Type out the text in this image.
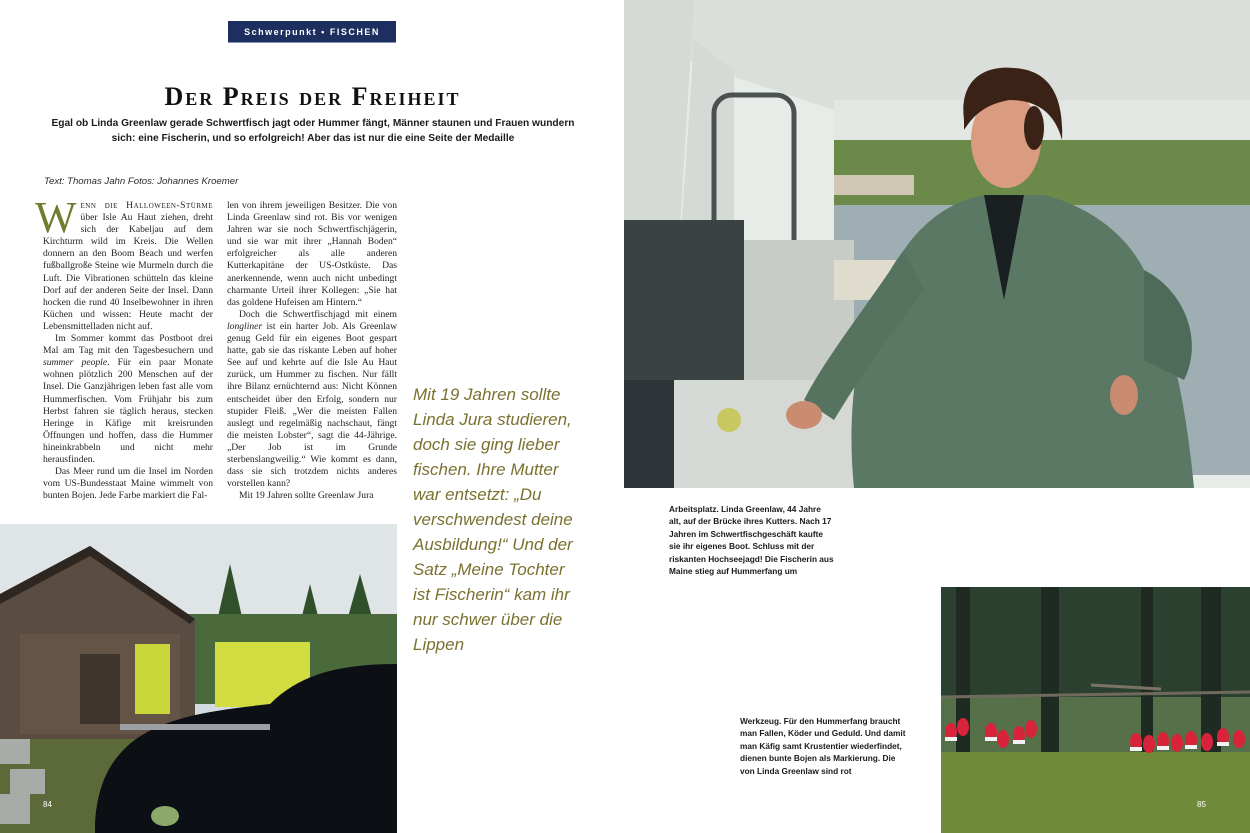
Schwerpunkt • FISCHEN
Der Preis der Freiheit

Egal ob Linda Greenlaw gerade Schwertfisch jagt oder Hummer fängt, Männer staunen und Frauen wundern sich: eine Fischerin, und so erfolgreich! Aber das ist nur die eine Seite der Medaille

Text: Thomas Jahn Fotos: Johannes Kroemer

Wenn die Halloween-Stürme über Isle Au Haut ziehen, dreht sich der Kabeljau auf dem Kirchturm wild im Kreis. Die Wellen donnern an den Boom Beach und werfen fußballgroße Steine wie Murmeln durch die Luft. Die Vibrationen schütteln das kleine Dorf auf der anderen Seite der Insel. Dann hocken die rund 40 Inselbewohner in ihren Küchen und wissen: Heute macht der Lebensmittelladen nicht auf.

Im Sommer kommt das Postboot drei Mal am Tag mit den Tagesbesuchern und summer people. Für ein paar Monate wohnen plötzlich 200 Menschen auf der Insel. Die Ganzjährigen leben fast alle vom Hummerfischen. Vom Frühjahr bis zum Herbst fahren sie täglich heraus, stecken Heringe in Käfige mit kreisrunden Öffnungen und hoffen, dass die Hummer hineinkrabbeln und nicht mehr herausfinden.

Das Meer rund um die Insel im Norden vom US-Bundesstaat Maine wimmelt von bunten Bojen. Jede Farbe markiert die Fal-

len von ihrem jeweiligen Besitzer. Die von Linda Greenlaw sind rot. Bis vor wenigen Jahren war sie noch Schwertfischjägerin, und sie war mit ihrer „Hannah Boden“ erfolgreicher als alle anderen Kutterkapitäne der US-Ostküste. Das anerkennende, wenn auch nicht unbedingt charmante Urteil ihrer Kollegen: „Sie hat das goldene Hufeisen am Hintern.“

Doch die Schwertfischjagd mit einem longliner ist ein harter Job. Als Greenlaw genug Geld für ein eigenes Boot gespart hatte, gab sie das riskante Leben auf hoher See auf und kehrte auf die Isle Au Haut zurück, um Hummer zu fischen. Nur fällt ihre Bilanz ernüchternd aus: Nicht Können entscheidet über den Erfolg, sondern nur stupider Fleiß. „Wer die meisten Fallen auslegt und regelmäßig nachschaut, fängt die meisten Lobster“, sagt die 44-Jährige. „Der Job ist im Grunde sterbenslangweilig.“ Wie kommt es dann, dass sie sich trotzdem nichts anderes vorstellen kann?

Mit 19 Jahren sollte Greenlaw Jura

Mit 19 Jahren sollte Linda Jura studieren, doch sie ging lieber fischen. Ihre Mutter war entsetzt: „Du verschwendest deine Ausbildung!“ Und der Satz „Meine Tochter ist Fischerin“ kam ihr nur schwer über die Lippen
84
Arbeitsplatz. Linda Greenlaw, 44 Jahre alt, auf der Brücke ihres Kutters. Nach 17 Jahren im Schwertfischgeschäft kaufte sie ihr eigenes Boot. Schluss mit der riskanten Hochseejagd! Die Fischerin aus Maine stieg auf Hummerfang um
85
Werkzeug. Für den Hummerfang braucht man Fallen, Köder und Geduld. Und damit man Käfig samt Krustentier wiederfindet, dienen bunte Bojen als Markierung. Die von Linda Greenlaw sind rot
